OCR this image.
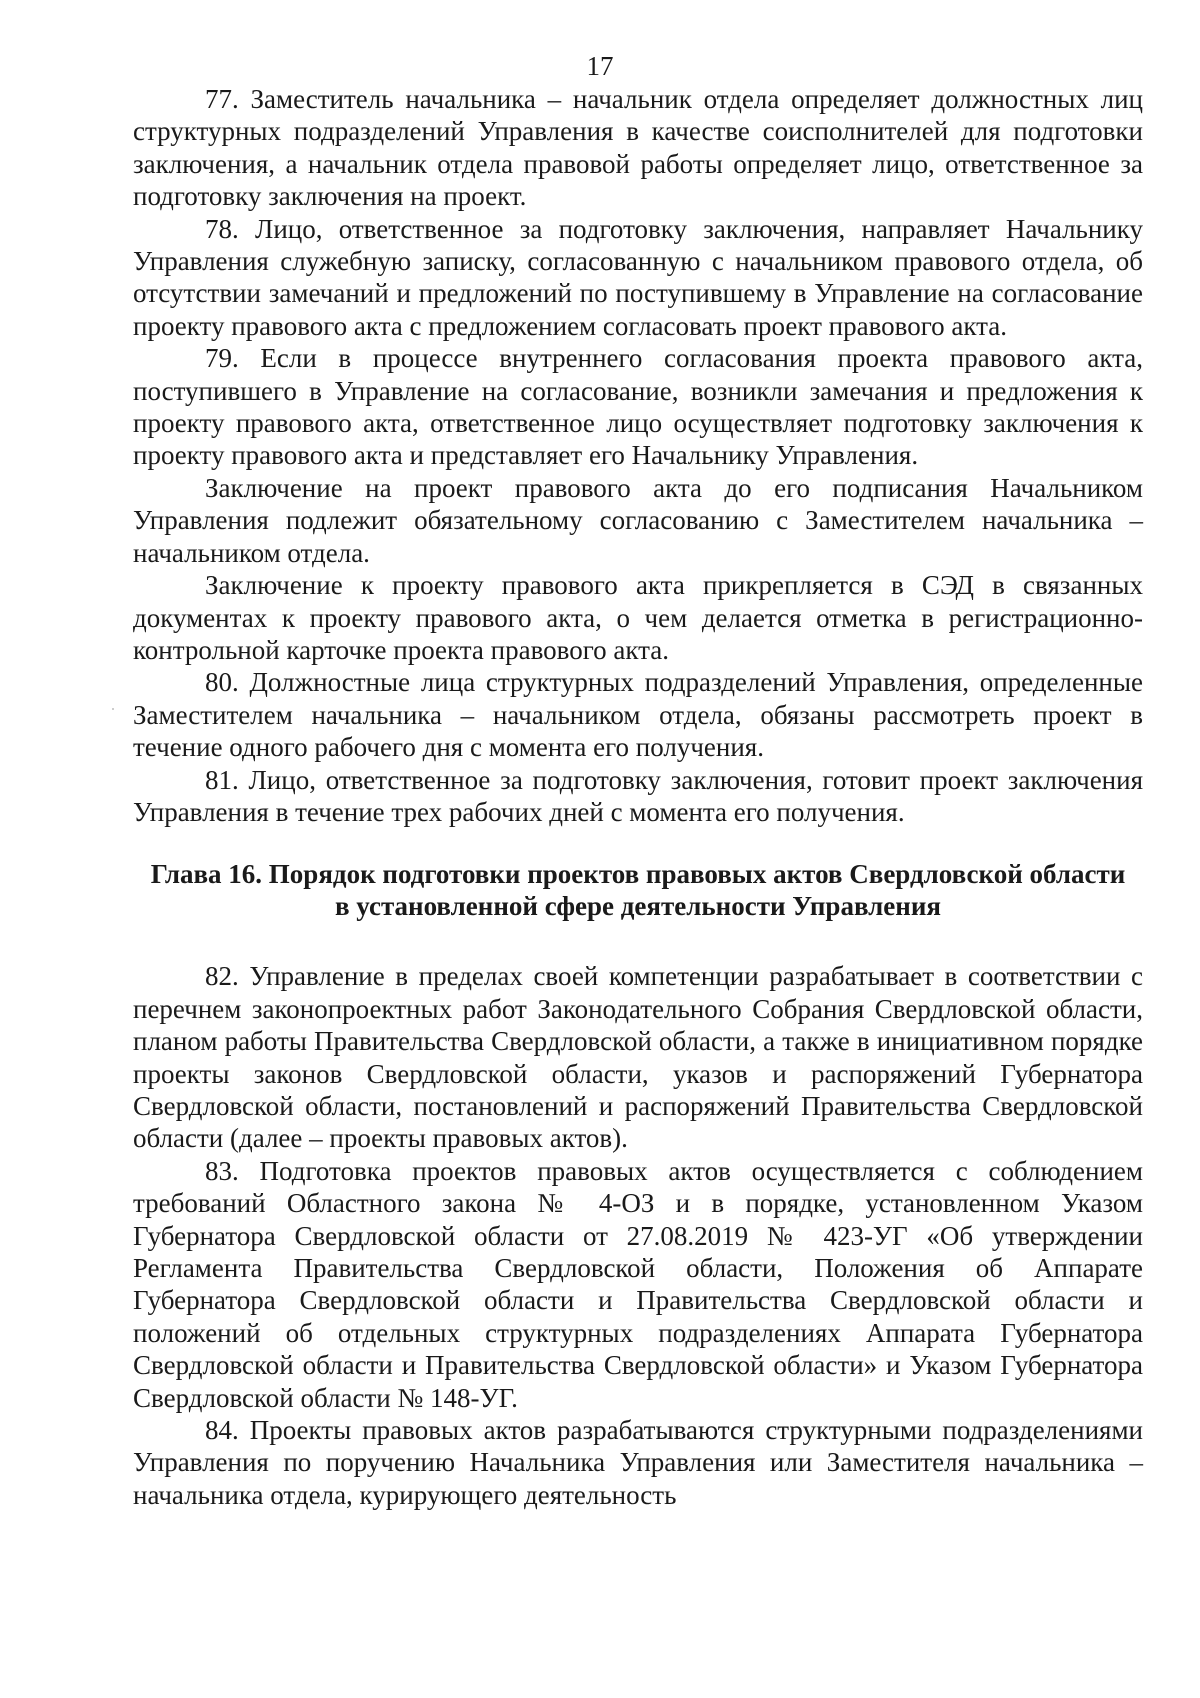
17

77. Заместитель начальника – начальник отдела определяет должностных лиц структурных подразделений Управления в качестве соисполнителей для подготовки заключения, а начальник отдела правовой работы определяет лицо, ответственное за подготовку заключения на проект.

78. Лицо, ответственное за подготовку заключения, направляет Начальнику Управления служебную записку, согласованную с начальником правового отдела, об отсутствии замечаний и предложений по поступившему в Управление на согласование проекту правового акта с предложением согласовать проект правового акта.

79. Если в процессе внутреннего согласования проекта правового акта, поступившего в Управление на согласование, возникли замечания и предложения к проекту правового акта, ответственное лицо осуществляет подготовку заключения к проекту правового акта и представляет его Начальнику Управления.

Заключение на проект правового акта до его подписания Начальником Управления подлежит обязательному согласованию с Заместителем начальника – начальником отдела.

Заключение к проекту правового акта прикрепляется в СЭД в связанных документах к проекту правового акта, о чем делается отметка в регистрационно-контрольной карточке проекта правового акта.

80. Должностные лица структурных подразделений Управления, определенные Заместителем начальника – начальником отдела, обязаны рассмотреть проект в течение одного рабочего дня с момента его получения.

81. Лицо, ответственное за подготовку заключения, готовит проект заключения Управления в течение трех рабочих дней с момента его получения.

Глава 16. Порядок подготовки проектов правовых актов Свердловской области в установленной сфере деятельности Управления

82. Управление в пределах своей компетенции разрабатывает в соответствии с перечнем законопроектных работ Законодательного Собрания Свердловской области, планом работы Правительства Свердловской области, а также в инициативном порядке проекты законов Свердловской области, указов и распоряжений Губернатора Свердловской области, постановлений и распоряжений Правительства Свердловской области (далее – проекты правовых актов).

83. Подготовка проектов правовых актов осуществляется с соблюдением требований Областного закона № 4-ОЗ и в порядке, установленном Указом Губернатора Свердловской области от 27.08.2019 № 423-УГ «Об утверждении Регламента Правительства Свердловской области, Положения об Аппарате Губернатора Свердловской области и Правительства Свердловской области и положений об отдельных структурных подразделениях Аппарата Губернатора Свердловской области и Правительства Свердловской области» и Указом Губернатора Свердловской области № 148-УГ.

84. Проекты правовых актов разрабатываются структурными подразделениями Управления по поручению Начальника Управления или Заместителя начальника – начальника отдела, курирующего деятельность
